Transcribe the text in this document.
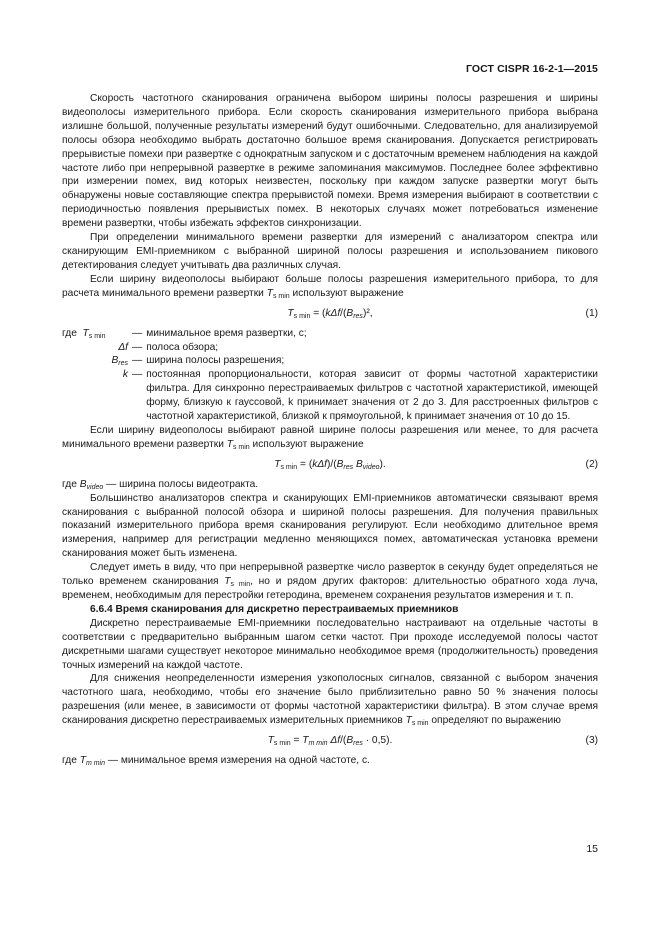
ГОСТ CISPR 16-2-1—2015

Скорость частотного сканирования ограничена выбором ширины полосы разрешения и ширины видеополосы измерительного прибора. Если скорость сканирования измерительного прибора выбрана излишне большой, полученные результаты измерений будут ошибочными. Следовательно, для анализируемой полосы обзора необходимо выбрать достаточно большое время сканирования. Допускается регистрировать прерывистые помехи при развертке с однократным запуском и с достаточным временем наблюдения на каждой частоте либо при непрерывной развертке в режиме запоминания максимумов. Последнее более эффективно при измерении помех, вид которых неизвестен, поскольку при каждом запуске развертки могут быть обнаружены новые составляющие спектра прерывистой помехи. Время измерения выбирают в соответствии с периодичностью появления прерывистых помех. В некоторых случаях может потребоваться изменение времени развертки, чтобы избежать эффектов синхронизации.

При определении минимального времени развертки для измерений с анализатором спектра или сканирующим EMI-приемником с выбранной шириной полосы разрешения и использованием пикового детектирования следует учитывать два различных случая.

Если ширину видеополосы выбирают больше полосы разрешения измерительного прибора, то для расчета минимального времени развертки $T_{s min}$ используют выражение

$T_{s min} = (k\Delta f/(B_{res})^2$,	(1)
где $T_{s min}$	— минимальное время развертки, с;
Δf — полоса обзора;
$B_{res}$ — ширина полосы разрешения;
k — постоянная пропорциональности, которая зависит от формы частотной характеристики фильтра. Для синхронно перестраиваемых фильтров с частотной характеристикой, имеющей форму, близкую к гауссовой, k принимает значения от 2 до 3. Для расстроенных фильтров с частотной характеристикой, близкой к прямоугольной, k принимает значения от 10 до 15.

Если ширину видеополосы выбирают равной ширине полосы разрешения или менее, то для расчета минимального времени развертки $T_{s min}$ используют выражение

$T_{s min} = (k\Delta f)/(B_{res}$ $B_{video}$).	(2)

где $B_{video}$ — ширина полосы видеотракта.

Большинство анализаторов спектра и сканирующих EMI-приемников автоматически связывают время сканирования с выбранной полосой обзора и шириной полосы разрешения. Для получения правильных показаний измерительного прибора время сканирования регулируют. Если необходимо длительное время измерения, например для регистрации медленно меняющихся помех, автоматическая установка времени сканирования может быть изменена.

Следует иметь в виду, что при непрерывной развертке число разверток в секунду будет определяться не только временем сканирования $T_{s min}$, но и рядом других факторов: длительностью обратного хода луча, временем, необходимым для перестройки гетеродина, временем сохранения результатов измерения и т. п.

6.6.4 Время сканирования для дискретно перестраиваемых приемников

Дискретно перестраиваемые EMI-приемники последовательно настраивают на отдельные частоты в соответствии с предварительно выбранным шагом сетки частот. При проходе исследуемой полосы частот дискретными шагами существует некоторое минимально необходимое время (продолжительность) проведения точных измерений на каждой частоте.

Для снижения неопределенности измерения узкополосных сигналов, связанной с выбором значения частотного шага, необходимо, чтобы его значение было приблизительно равно 50 % значения полосы разрешения (или менее, в зависимости от формы частотной характеристики фильтра). В этом случае время сканирования дискретно перестраиваемых измерительных приемников $T_{s min}$ определяют по выражению

$T_{s min} = T_{m min}$ $\Delta f/(B_{res} \cdot 0,5)$.	(3)

где $T_{m min}$ — минимальное время измерения на одной частоте, с.

15
